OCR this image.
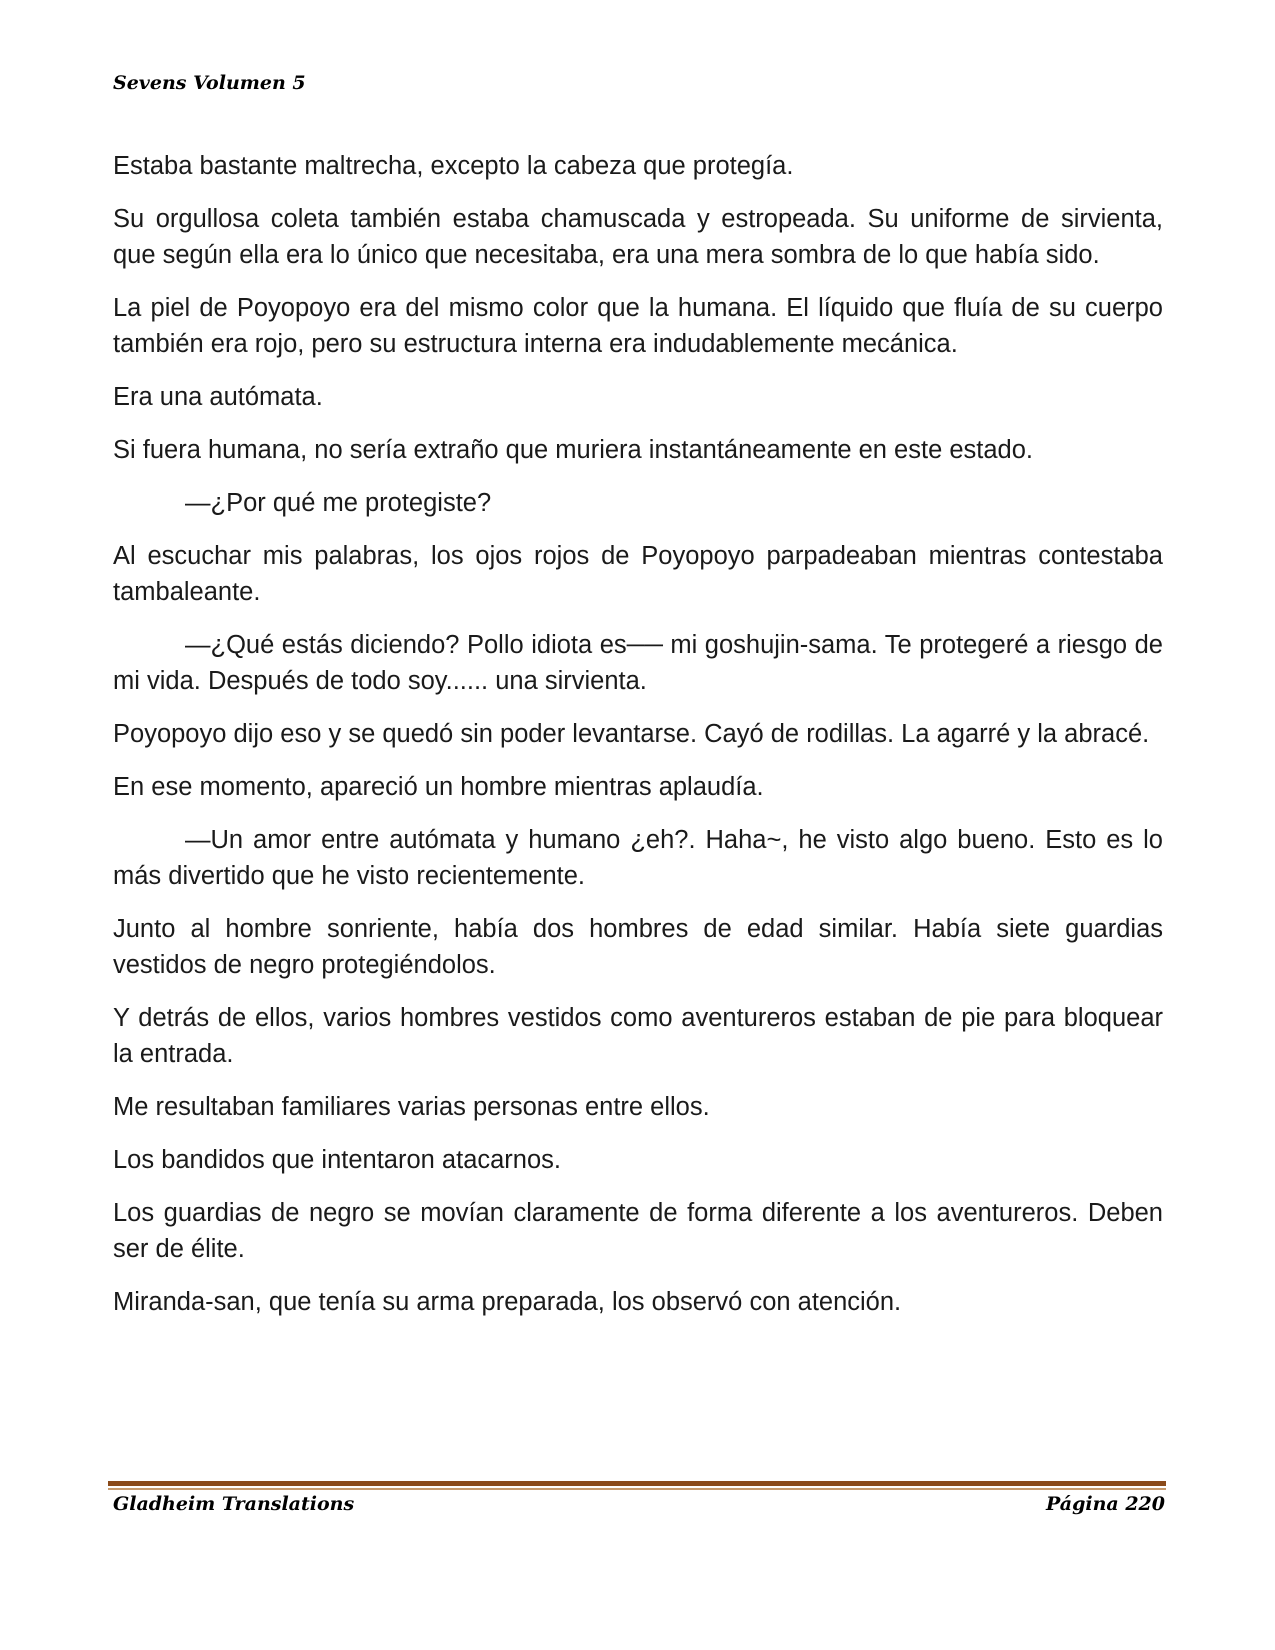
Sevens Volumen 5

Estaba bastante maltrecha, excepto la cabeza que protegía.

Su orgullosa coleta también estaba chamuscada y estropeada. Su uniforme de sirvienta, que según ella era lo único que necesitaba, era una mera sombra de lo que había sido.

La piel de Poyopoyo era del mismo color que la humana. El líquido que fluía de su cuerpo también era rojo, pero su estructura interna era indudablemente mecánica.

Era una autómata.

Si fuera humana, no sería extraño que muriera instantáneamente en este estado.

—¿Por qué me protegiste?

Al escuchar mis palabras, los ojos rojos de Poyopoyo parpadeaban mientras contestaba tambaleante.

—¿Qué estás diciendo? Pollo idiota es── mi goshujin-sama. Te protegeré a riesgo de mi vida. Después de todo soy...... una sirvienta.

Poyopoyo dijo eso y se quedó sin poder levantarse. Cayó de rodillas. La agarré y la abracé.

En ese momento, apareció un hombre mientras aplaudía.

—Un amor entre autómata y humano ¿eh?. Haha~, he visto algo bueno. Esto es lo más divertido que he visto recientemente.

Junto al hombre sonriente, había dos hombres de edad similar. Había siete guardias vestidos de negro protegiéndolos.

Y detrás de ellos, varios hombres vestidos como aventureros estaban de pie para bloquear la entrada.

Me resultaban familiares varias personas entre ellos.

Los bandidos que intentaron atacarnos.

Los guardias de negro se movían claramente de forma diferente a los aventureros. Deben ser de élite.

Miranda-san, que tenía su arma preparada, los observó con atención.

Gladheim Translations	Página 220
